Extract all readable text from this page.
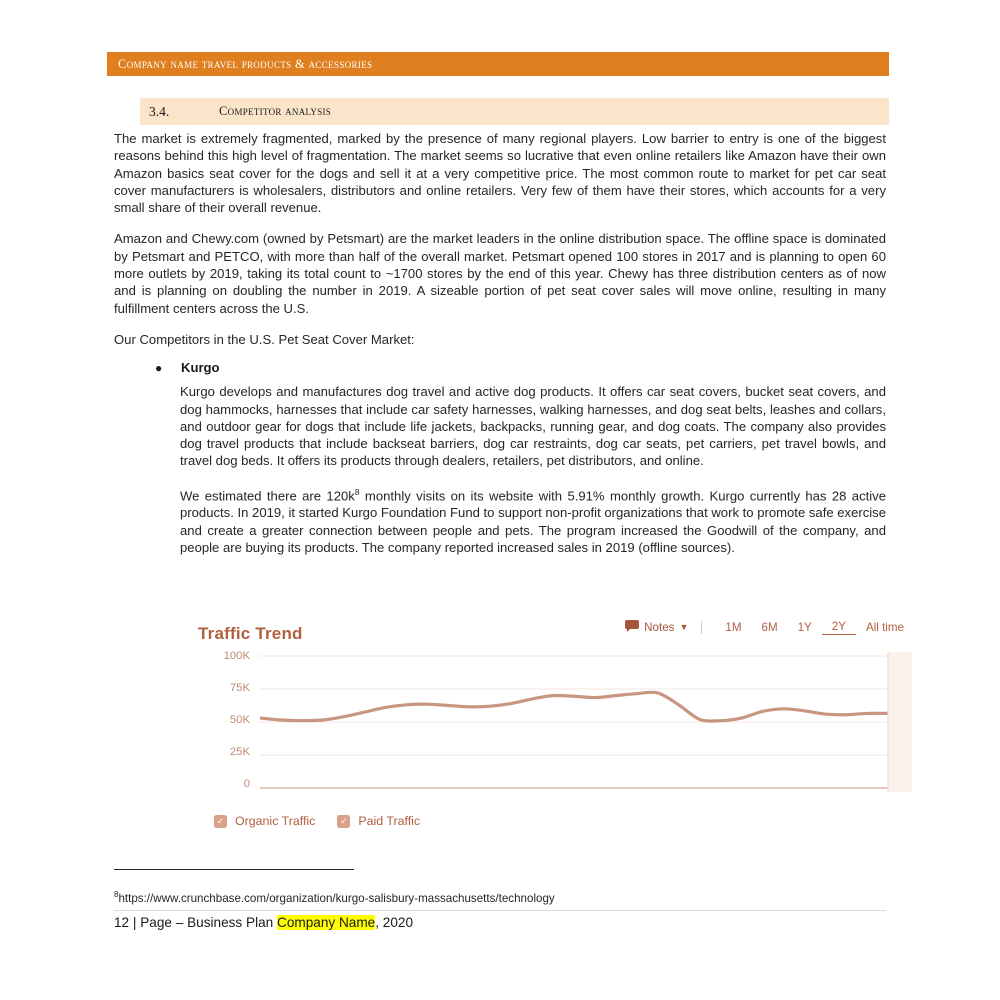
Company name travel products & accessories
3.4.	competitor analysis

The market is extremely fragmented, marked by the presence of many regional players. Low barrier to entry is one of the biggest reasons behind this high level of fragmentation. The market seems so lucrative that even online retailers like Amazon have their own Amazon basics seat cover for the dogs and sell it at a very competitive price. The most common route to market for pet car seat cover manufacturers is wholesalers, distributors and online retailers. Very few of them have their stores, which accounts for a very small share of their overall revenue.

Amazon and Chewy.com (owned by Petsmart) are the market leaders in the online distribution space. The offline space is dominated by Petsmart and PETCO, with more than half of the overall market. Petsmart opened 100 stores in 2017 and is planning to open 60 more outlets by 2019, taking its total count to ~1700 stores by the end of this year. Chewy has three distribution centers as of now and is planning on doubling the number in 2019. A sizeable portion of pet seat cover sales will move online, resulting in many fulfillment centers across the U.S.

Our Competitors in the U.S. Pet Seat Cover Market:

●	Kurgo

Kurgo develops and manufactures dog travel and active dog products. It offers car seat covers, bucket seat covers, and dog hammocks, harnesses that include car safety harnesses, walking harnesses, and dog seat belts, leashes and collars, and outdoor gear for dogs that include life jackets, backpacks, running gear, and dog coats. The company also provides dog travel products that include backseat barriers, dog car restraints, dog car seats, pet carriers, pet travel bowls, and travel dog beds. It offers its products through dealers, retailers, pet distributors, and online.

We estimated there are 120k$^8$ monthly visits on its website with 5.91% monthly growth. Kurgo currently has 28 active products. In 2019, it started Kurgo Foundation Fund to support non-profit organizations that work to promote safe exercise and create a greater connection between people and pets. The program increased the Goodwill of the company, and people are buying its products. The company reported increased sales in 2019 (offline sources).

Traffic Trend	Notes ▼	1M	6M	1Y	2Y	All time
100K
75K
50K
25K
0
✓ Organic Traffic	✓ Paid Traffic
$^8$https://www.crunchbase.com/organization/kurgo-salisbury-massachusetts/technology
12 | Page – Business Plan Company Name, 2020
